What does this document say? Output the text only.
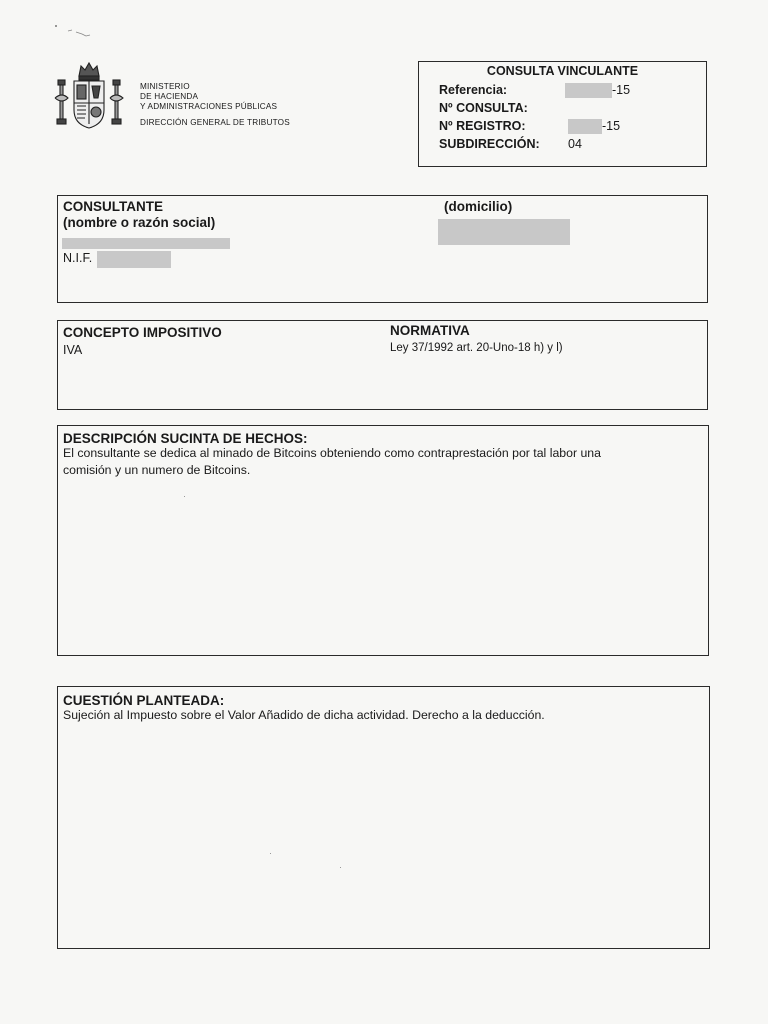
MINISTERIO
DE HACIENDA
Y ADMINISTRACIONES PÚBLICAS
DIRECCIÓN GENERAL DE TRIBUTOS
CONSULTA VINCULANTE
Referencia:	-15
Nº CONSULTA:
Nº REGISTRO:	-15
SUBDIRECCIÓN: 04
CONSULTANTE
(nombre o razón social)
(domicilio)
N.I.F.
CONCEPTO IMPOSITIVO
IVA
NORMATIVA
Ley 37/1992 art. 20-Uno-18 h) y l)
DESCRIPCIÓN SUCINTA DE HECHOS:
El consultante se dedica al minado de Bitcoins obteniendo como contraprestación por tal labor una
comisión y un numero de Bitcoins.
CUESTIÓN PLANTEADA:
Sujeción al Impuesto sobre el Valor Añadido de dicha actividad. Derecho a la deducción.
